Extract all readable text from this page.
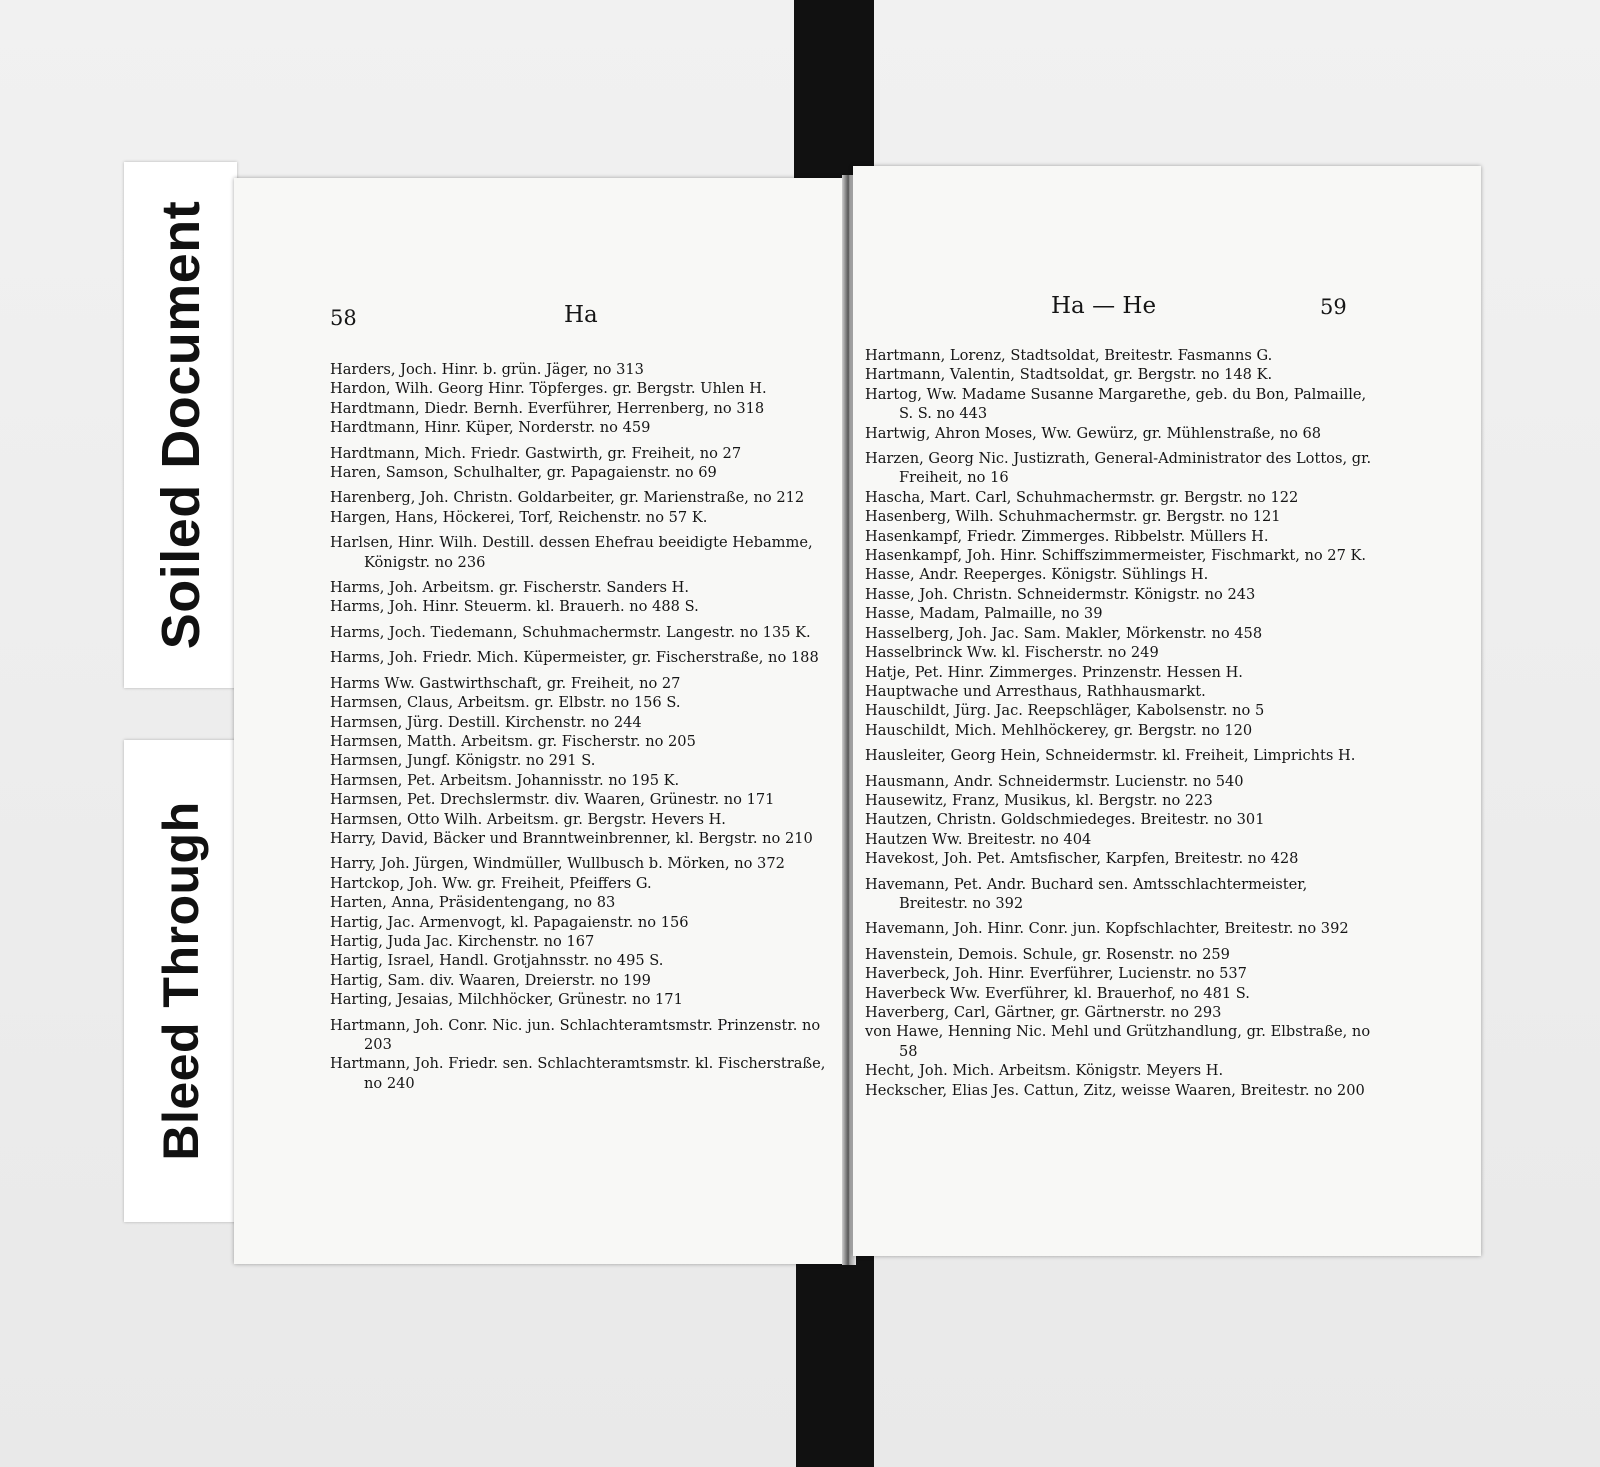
Soiled Document
Bleed Through
58	Ha
Harders, Joch. Hinr. b. grün. Jäger, no 313
Hardon, Wilh. Georg Hinr. Töpferges. gr. Bergstr. Uhlen H.
Hardtmann, Diedr. Bernh. Everführer, Herrenberg, no 318
Hardtmann, Hinr. Küper, Norderstr. no 459
Hardtmann, Mich. Friedr. Gastwirth, gr. Freiheit, no 27
Haren, Samson, Schulhalter, gr. Papagaienstr. no 69
Harenberg, Joh. Christn. Goldarbeiter, gr. Marienstraße, no 212
Hargen, Hans, Höckerei, Torf, Reichenstr. no 57 K.
Harlsen, Hinr. Wilh. Destill. dessen Ehefrau beeidigte Hebamme, Königstr. no 236
Harms, Joh. Arbeitsm. gr. Fischerstr. Sanders H.
Harms, Joh. Hinr. Steuerm. kl. Brauerh. no 488 S.
Harms, Joch. Tiedemann, Schuhmachermstr. Langestr. no 135 K.
Harms, Joh. Friedr. Mich. Küpermeister, gr. Fischerstraße, no 188
Harms Ww. Gastwirthschaft, gr. Freiheit, no 27
Harmsen, Claus, Arbeitsm. gr. Elbstr. no 156 S.
Harmsen, Jürg. Destill. Kirchenstr. no 244
Harmsen, Matth. Arbeitsm. gr. Fischerstr. no 205
Harmsen, Jungf. Königstr. no 291 S.
Harmsen, Pet. Arbeitsm. Johannisstr. no 195 K.
Harmsen, Pet. Drechslermstr. div. Waaren, Grünestr. no 171
Harmsen, Otto Wilh. Arbeitsm. gr. Bergstr. Hevers H.
Harry, David, Bäcker und Branntweinbrenner, kl. Bergstr. no 210
Harry, Joh. Jürgen, Windmüller, Wullbusch b. Mörken, no 372
Hartckop, Joh. Ww. gr. Freiheit, Pfeiffers G.
Harten, Anna, Präsidentengang, no 83
Hartig, Jac. Armenvogt, kl. Papagaienstr. no 156
Hartig, Juda Jac. Kirchenstr. no 167
Hartig, Israel, Handl. Grotjahnsstr. no 495 S.
Hartig, Sam. div. Waaren, Dreierstr. no 199
Harting, Jesaias, Milchhöcker, Grünestr. no 171
Hartmann, Joh. Conr. Nic. jun. Schlachteramtsmstr. Prinzenstr. no 203
Hartmann, Joh. Friedr. sen. Schlachteramtsmstr. kl. Fischerstraße, no 240
Ha — He	59
Hartmann, Lorenz, Stadtsoldat, Breitestr. Fasmanns G.
Hartmann, Valentin, Stadtsoldat, gr. Bergstr. no 148 K.
Hartog, Ww. Madame Susanne Margarethe, geb. du Bon, Palmaille, S. S. no 443
Hartwig, Ahron Moses, Ww. Gewürz, gr. Mühlenstraße, no 68
Harzen, Georg Nic. Justizrath, General-Administrator des Lottos, gr. Freiheit, no 16
Hascha, Mart. Carl, Schuhmachermstr. gr. Bergstr. no 122
Hasenberg, Wilh. Schuhmachermstr. gr. Bergstr. no 121
Hasenkampf, Friedr. Zimmerges. Ribbelstr. Müllers H.
Hasenkampf, Joh. Hinr. Schiffszimmermeister, Fischmarkt, no 27 K.
Hasse, Andr. Reeperges. Königstr. Sühlings H.
Hasse, Joh. Christn. Schneidermstr. Königstr. no 243
Hasse, Madam, Palmaille, no 39
Hasselberg, Joh. Jac. Sam. Makler, Mörkenstr. no 458
Hasselbrinck Ww. kl. Fischerstr. no 249
Hatje, Pet. Hinr. Zimmerges. Prinzenstr. Hessen H.
Hauptwache und Arresthaus, Rathhausmarkt.
Hauschildt, Jürg. Jac. Reepschläger, Kabolsenstr. no 5
Hauschildt, Mich. Mehlhöckerey, gr. Bergstr. no 120
Hausleiter, Georg Hein, Schneidermstr. kl. Freiheit, Limprichts H.
Hausmann, Andr. Schneidermstr. Lucienstr. no 540
Hausewitz, Franz, Musikus, kl. Bergstr. no 223
Hautzen, Christn. Goldschmiedeges. Breitestr. no 301
Hautzen Ww. Breitestr. no 404
Havekost, Joh. Pet. Amtsfischer, Karpfen, Breitestr. no 428
Havemann, Pet. Andr. Buchard sen. Amtsschlachtermeister, Breitestr. no 392
Havemann, Joh. Hinr. Conr. jun. Kopfschlachter, Breitestr. no 392
Havenstein, Demois. Schule, gr. Rosenstr. no 259
Haverbeck, Joh. Hinr. Everführer, Lucienstr. no 537
Haverbeck Ww. Everführer, kl. Brauerhof, no 481 S.
Haverberg, Carl, Gärtner, gr. Gärtnerstr. no 293
von Hawe, Henning Nic. Mehl und Grützhandlung, gr. Elbstraße, no 58
Hecht, Joh. Mich. Arbeitsm. Königstr. Meyers H.
Heckscher, Elias Jes. Cattun, Zitz, weisse Waaren, Breitestr. no 200
